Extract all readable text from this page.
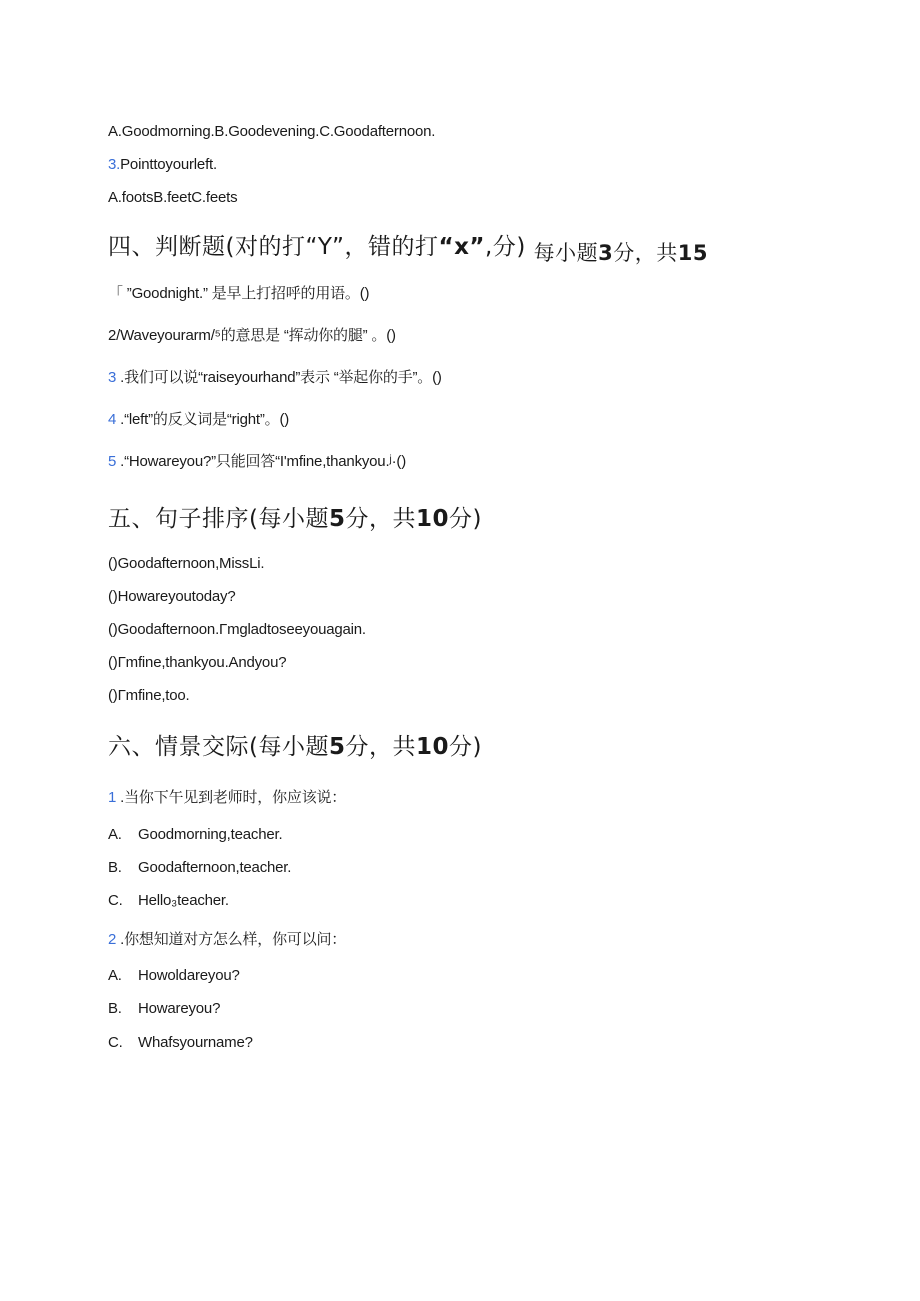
A.Goodmorning.B.Goodevening.C.Goodafternoon.
3.Pointtoyourleft.
A.footsB.feetC.feets
四、判断题(对的打“Y”，错的打“x”,分) 每小题3分，共15
「 ”Goodnight.” 是早上打招呼的用语。()
2/Waveyourarm/⁵的意思是 “挥动你的腿” 。()
3 .我们可以说“raiseyourhand”表示 “举起你的手”。()
4 .“left”的反义词是“right”。()
5 .“Howareyou?”只能回答“I'mfine,thankyou.ʲ·()
五、句子排序(每小题5分，共10分)
()Goodafternoon,MissLi.
()Howareyoutoday?
()Goodafternoon.Γmgladtoseeyouagain.
()Γmfine,thankyou.Andyou?
()Γmfine,too.
六、情景交际(每小题5分，共10分)
1 .当你下午见到老师时，你应该说：
A. Goodmorning,teacher.
B. Goodafternoon,teacher.
C. Hello₃teacher.
2 .你想知道对方怎么样，你可以问：
A. Howoldareyou?
B. Howareyou?
C. Whafsyourname?
